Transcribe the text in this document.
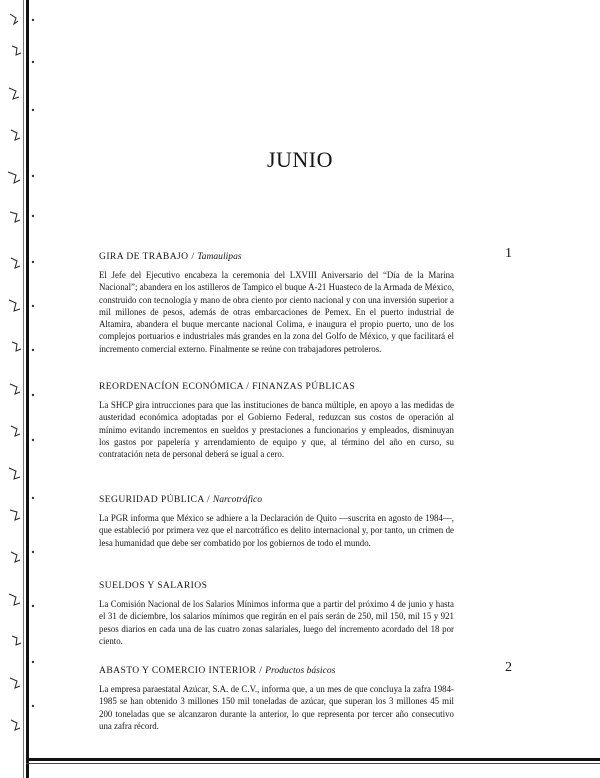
JUNIO
GIRA DE TRABAJO / Tamaulipas
El Jefe del Ejecutivo encabeza la ceremonia del LXVIII Aniversario del “Día de la Marina Nacional”; abandera en los astilleros de Tampico el buque A-21 Huasteco de la Armada de México, construido con tecnología y mano de obra ciento por ciento nacional y con una inversión superior a mil millones de pesos, además de otras embarcaciones de Pemex. En el puerto industrial de Altamira, abandera el buque mercante nacional Colima, e inaugura el propio puerto, uno de los complejos portuarios e industriales más grandes en la zona del Golfo de México, y que facilitará el incremento comercial externo. Finalmente se reúne con trabajadores petroleros.
1
REORDENACÍON ECONÓMICA / FINANZAS PÚBLICAS
La SHCP gira intrucciones para que las instituciones de banca múltiple, en apoyo a las medidas de austeridad económica adoptadas por el Gobierno Federal, reduzcan sus costos de operación al mínimo evitando incrementos en sueldos y prestaciones a funcionarios y empleados, disminuyan los gastos por papelería y arrendamiento de equipo y que, al término del año en curso, su contratación neta de personal deberá se igual a cero.
SEGURIDAD PÚBLICA / Narcotráfico
La PGR informa que México se adhiere a la Declaración de Quito —suscrita en agosto de 1984—, que estableció por primera vez que el narcotráfico es delito internacional y, por tanto, un crimen de lesa humanidad que debe ser combatido por los gobiernos de todo el mundo.
SUELDOS Y SALARIOS
La Comisión Nacional de los Salarios Mínimos informa que a partir del próximo 4 de junio y hasta el 31 de diciembre, los salarios mínimos que regirán en el país serán de 250, mil 150, mil 15 y 921 pesos diarios en cada una de las cuatro zonas salariales, luego del incremento acordado del 18 por ciento.
ABASTO Y COMERCIO INTERIOR / Productos básicos
La empresa paraestatal Azúcar, S.A. de C.V., informa que, a un mes de que concluya la zafra 1984-1985 se han obtenido 3 millones 150 mil toneladas de azúcar, que superan los 3 millones 45 mil 200 toneladas que se alcanzaron durante la anterior, lo que representa por tercer año consecutivo una zafra récord.
2
